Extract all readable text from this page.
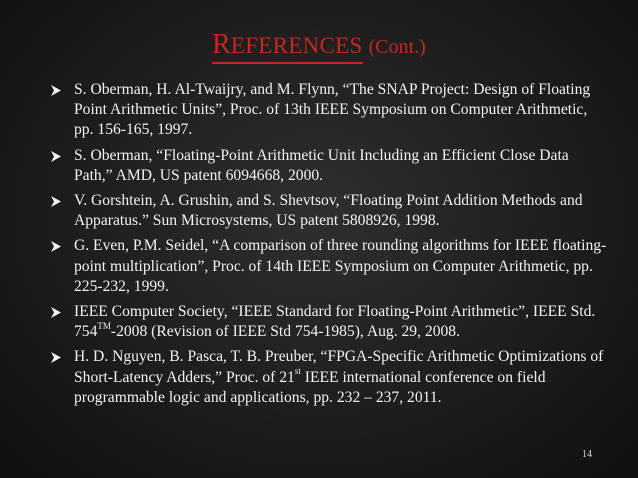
REFERENCES (Cont.)
S. Oberman, H. Al-Twaijry, and M. Flynn, “The SNAP Project: Design of Floating Point Arithmetic Units”, Proc. of 13th IEEE Symposium on Computer Arithmetic, pp. 156-165, 1997.
S. Oberman, “Floating-Point Arithmetic Unit Including an Efficient Close Data Path,” AMD, US patent 6094668, 2000.
V. Gorshtein, A. Grushin, and S. Shevtsov, “Floating Point Addition Methods and Apparatus.” Sun Microsystems, US patent 5808926, 1998.
G. Even, P.M. Seidel, “A comparison of three rounding algorithms for IEEE floating-point multiplication”, Proc. of 14th IEEE Symposium on Computer Arithmetic, pp. 225-232, 1999.
IEEE Computer Society, “IEEE Standard for Floating-Point Arithmetic”, IEEE Std. 754™-2008 (Revision of IEEE Std 754-1985), Aug. 29, 2008.
H. D. Nguyen, B. Pasca, T. B. Preuber, “FPGA-Specific Arithmetic Optimizations of Short-Latency Adders,” Proc. of 21st IEEE international conference on field programmable logic and applications, pp. 232 – 237, 2011.
14
